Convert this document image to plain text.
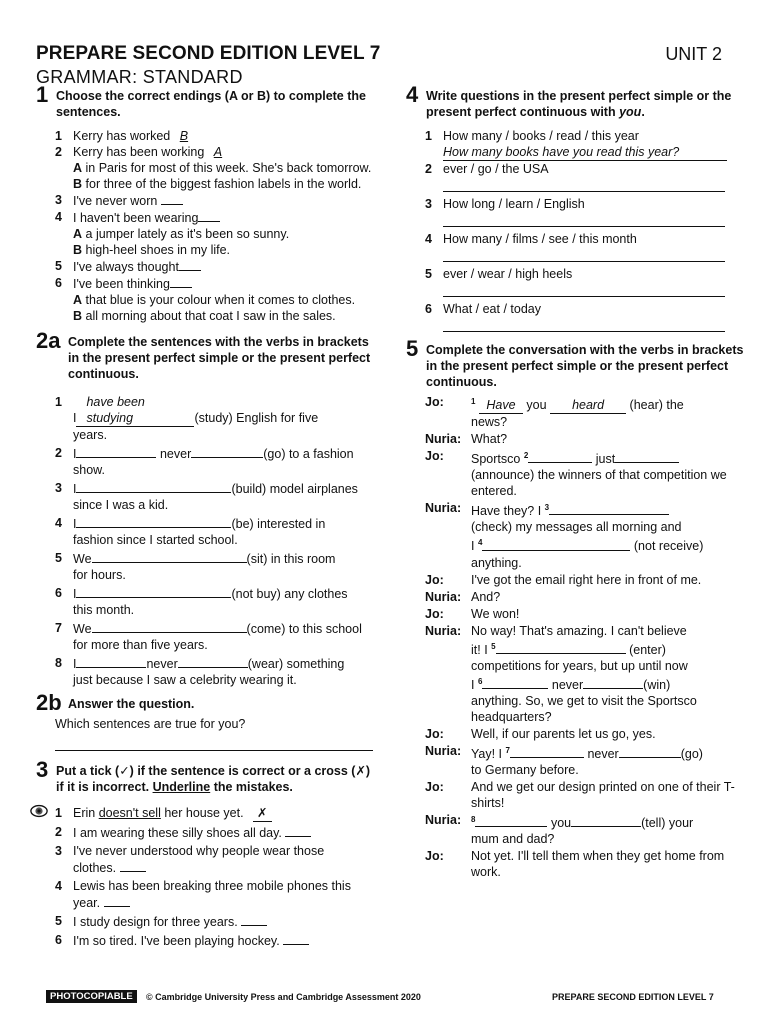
PREPARE SECOND EDITION LEVEL 7	UNIT 2
GRAMMAR: STANDARD
1 Choose the correct endings (A or B) to complete the sentences.
1 Kerry has worked B
2 Kerry has been working A
A in Paris for most of this week. She's back tomorrow.
B for three of the biggest fashion labels in the world.
3 I've never worn
4 I haven't been wearing
A a jumper lately as it's been so sunny.
B high-heel shoes in my life.
5 I've always thought
6 I've been thinking
A that blue is your colour when it comes to clothes.
B all morning about that coat I saw in the sales.
2a Complete the sentences with the verbs in brackets in the present perfect simple or the present perfect continuous.
1
Ihave been studying	(study) English for five
years.
2 I	never	(go) to a fashion
show.
3 I	(build) model airplanes
since I was a kid.
4 I	(be) interested in
fashion since I started school.
5 We	(sit) in this room
for hours.
6 I	(not buy) any clothes
this month.
7 We	(come) to this school
for more than five years.
8 I	never	(wear) something
just because I saw a celebrity wearing it.
2b Answer the question.
Which sentences are true for you?
3 Put a tick (✓) if the sentence is correct or a cross (✗) if it is incorrect. Underline the mistakes.
1 Erin doesn't sell her house yet. ✗
2 I am wearing these silly shoes all day.
3 I've never understood why people wear those
clothes.
4 Lewis has been breaking three mobile phones this
year.
5 I study design for three years.
6 I'm so tired. I've been playing hockey.
4 Write questions in the present perfect simple or the present perfect continuous with you.
1 How many / books / read / this year
How many books have you read this year?
2 ever / go / the USA
3 How long / learn / English
4 How many / films / see / this month
5 ever / wear / high heels
6 What / eat / today
5 Complete the conversation with the verbs in brackets in the present perfect simple or the present perfect continuous.
Jo:	$^1$ Have you heard (hear) the
news?
Nuria: What?
Jo: Sportsco $^2$	just
(announce) the winners of that competition we entered.
Nuria: Have they? I $^3$
(check) my messages all morning and
I $^4$	(not receive)
anything.
Jo: I've got the email right here in front of me.
Nuria: And?
Jo: We won!
Nuria: No way! That's amazing. I can't believe
it! I $^5$	(enter)
competitions for years, but up until now
I $^6$	never	(win)
anything. So, we get to visit the Sportsco
headquarters?
Jo: Well, if our parents let us go, yes.
Nuria: Yay! I $^7$	never	(go)
to Germany before.
Jo: And we get our design printed on one of their T-shirts!
Nuria: $^8$	you	(tell) your
mum and dad?
Jo: Not yet. I'll tell them when they get home from work.
PHOTOCOPIABLE	© Cambridge University Press and Cambridge Assessment 2020	PREPARE SECOND EDITION LEVEL 7
